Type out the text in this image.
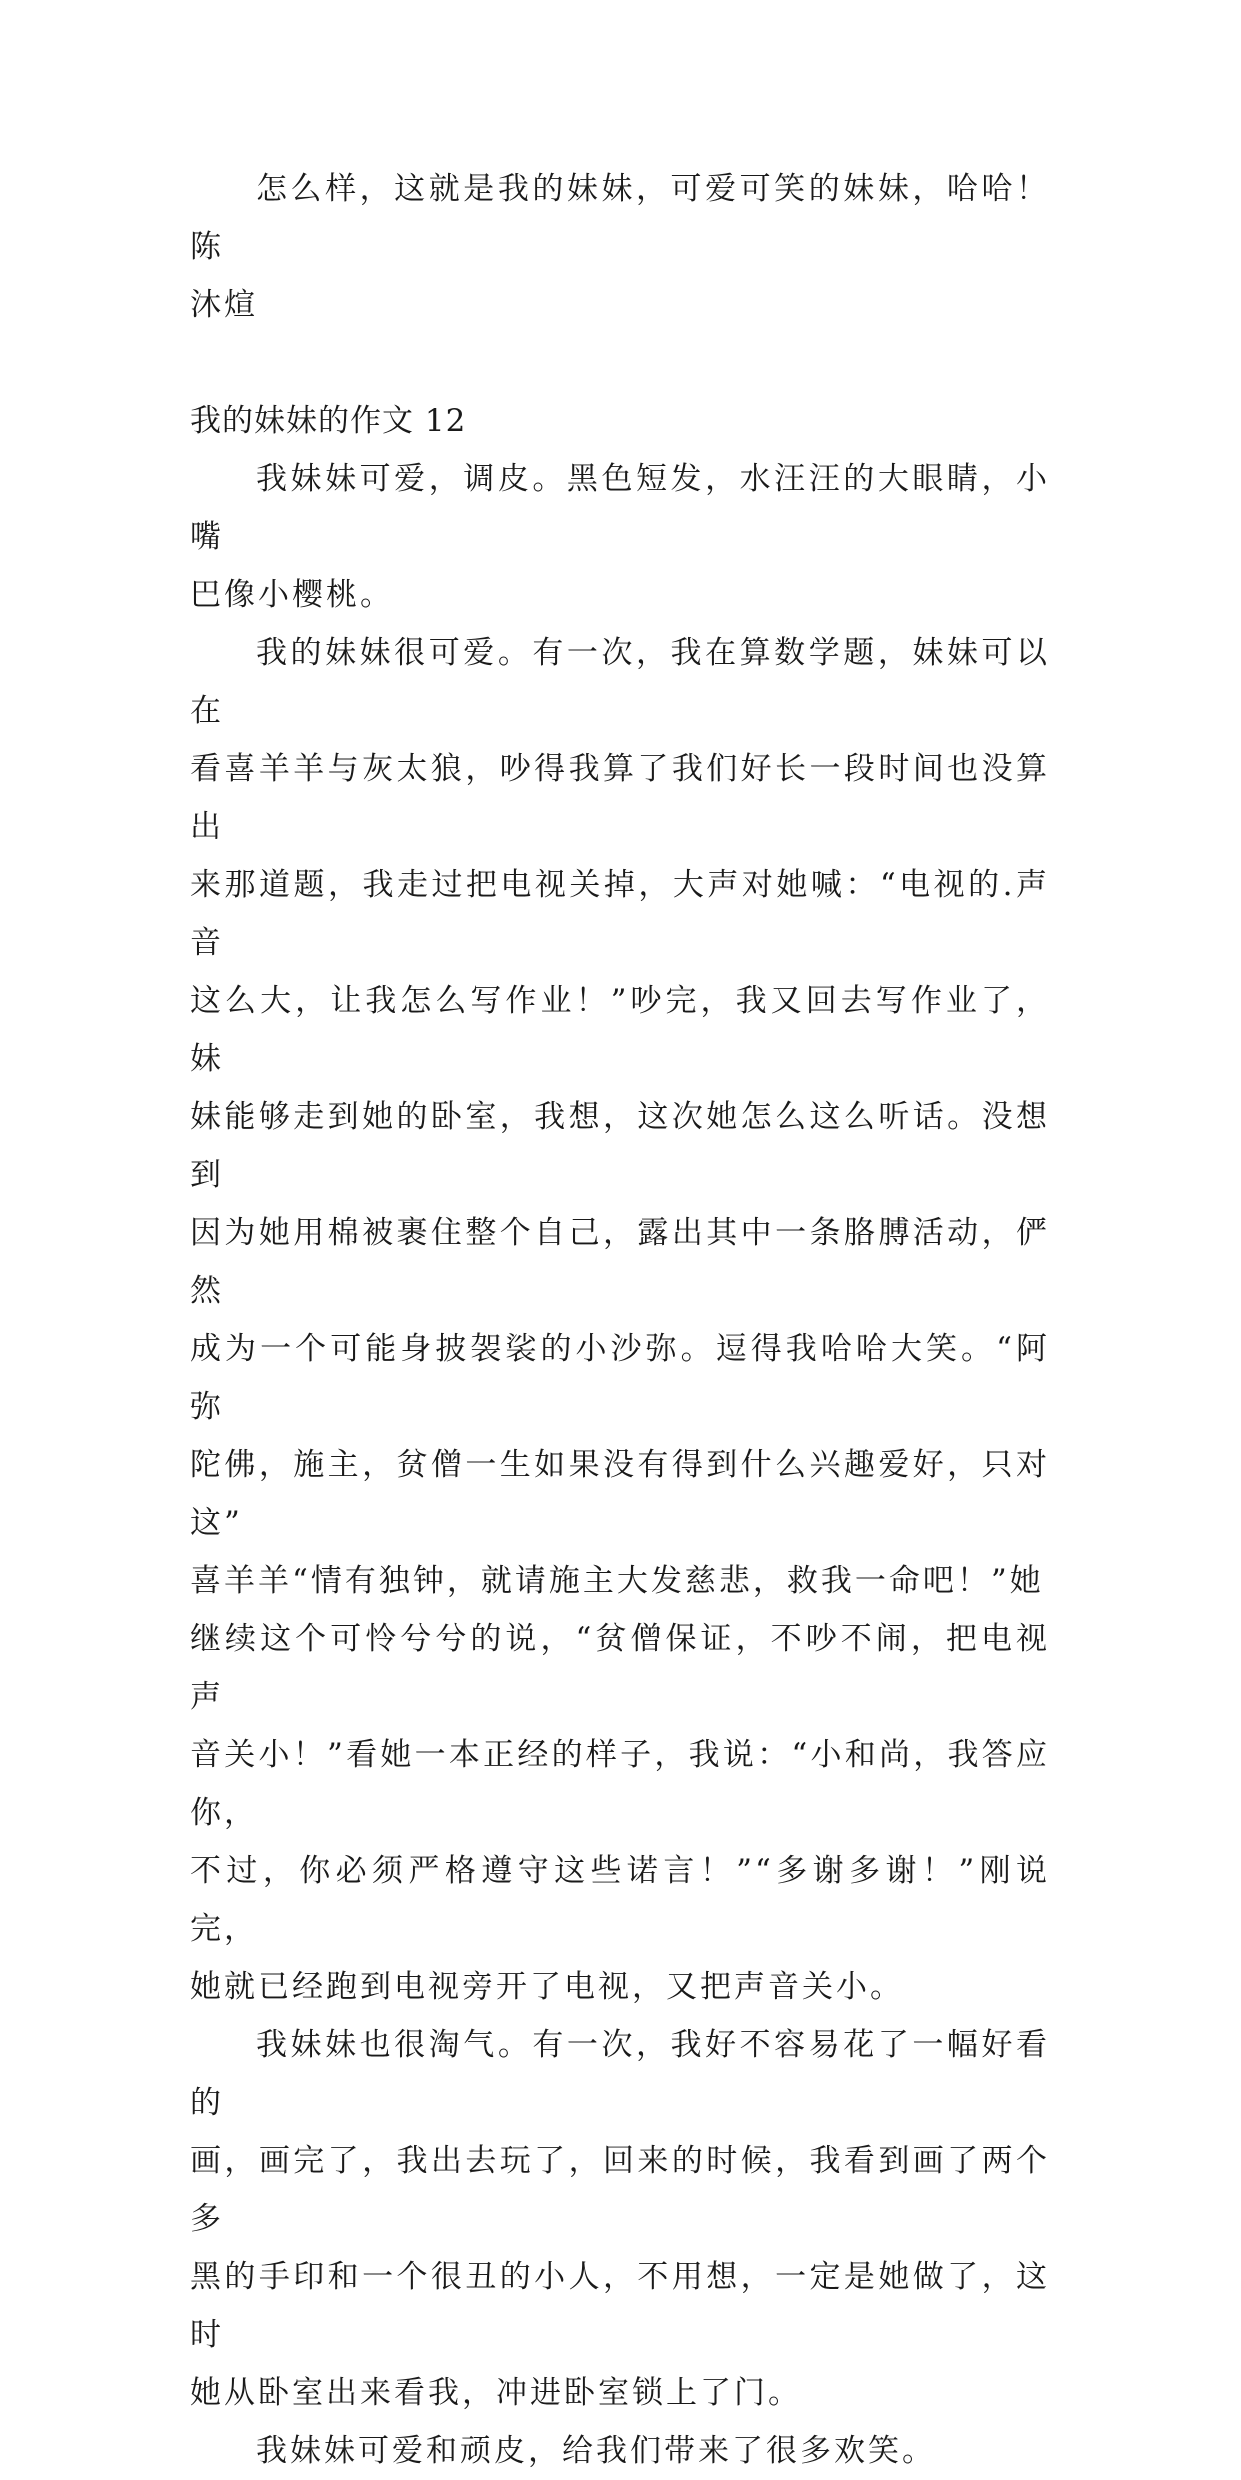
怎么样，这就是我的妹妹，可爱可笑的妹妹，哈哈！陈
沐煊

我的妹妹的作文 12

我妹妹可爱，调皮。黑色短发，水汪汪的大眼睛，小嘴
巴像小樱桃。

我的妹妹很可爱。有一次，我在算数学题，妹妹可以在
看喜羊羊与灰太狼，吵得我算了我们好长一段时间也没算出
来那道题，我走过把电视关掉，大声对她喊：“电视的.声音
这么大，让我怎么写作业！”吵完，我又回去写作业了，妹
妹能够走到她的卧室，我想，这次她怎么这么听话。没想到
因为她用棉被裹住整个自己，露出其中一条胳膊活动，俨然
成为一个可能身披袈裟的小沙弥。逗得我哈哈大笑。“阿弥
陀佛，施主，贫僧一生如果没有得到什么兴趣爱好，只对这”
喜羊羊“情有独钟，就请施主大发慈悲，救我一命吧！”她
继续这个可怜兮兮的说，“贫僧保证，不吵不闹，把电视声
音关小！”看她一本正经的样子，我说：“小和尚，我答应你，
不过，你必须严格遵守这些诺言！”“多谢多谢！”刚说完，
她就已经跑到电视旁开了电视，又把声音关小。

我妹妹也很淘气。有一次，我好不容易花了一幅好看的
画，画完了，我出去玩了，回来的时候，我看到画了两个多
黑的手印和一个很丑的小人，不用想，一定是她做了，这时
她从卧室出来看我，冲进卧室锁上了门。

我妹妹可爱和顽皮，给我们带来了很多欢笑。
